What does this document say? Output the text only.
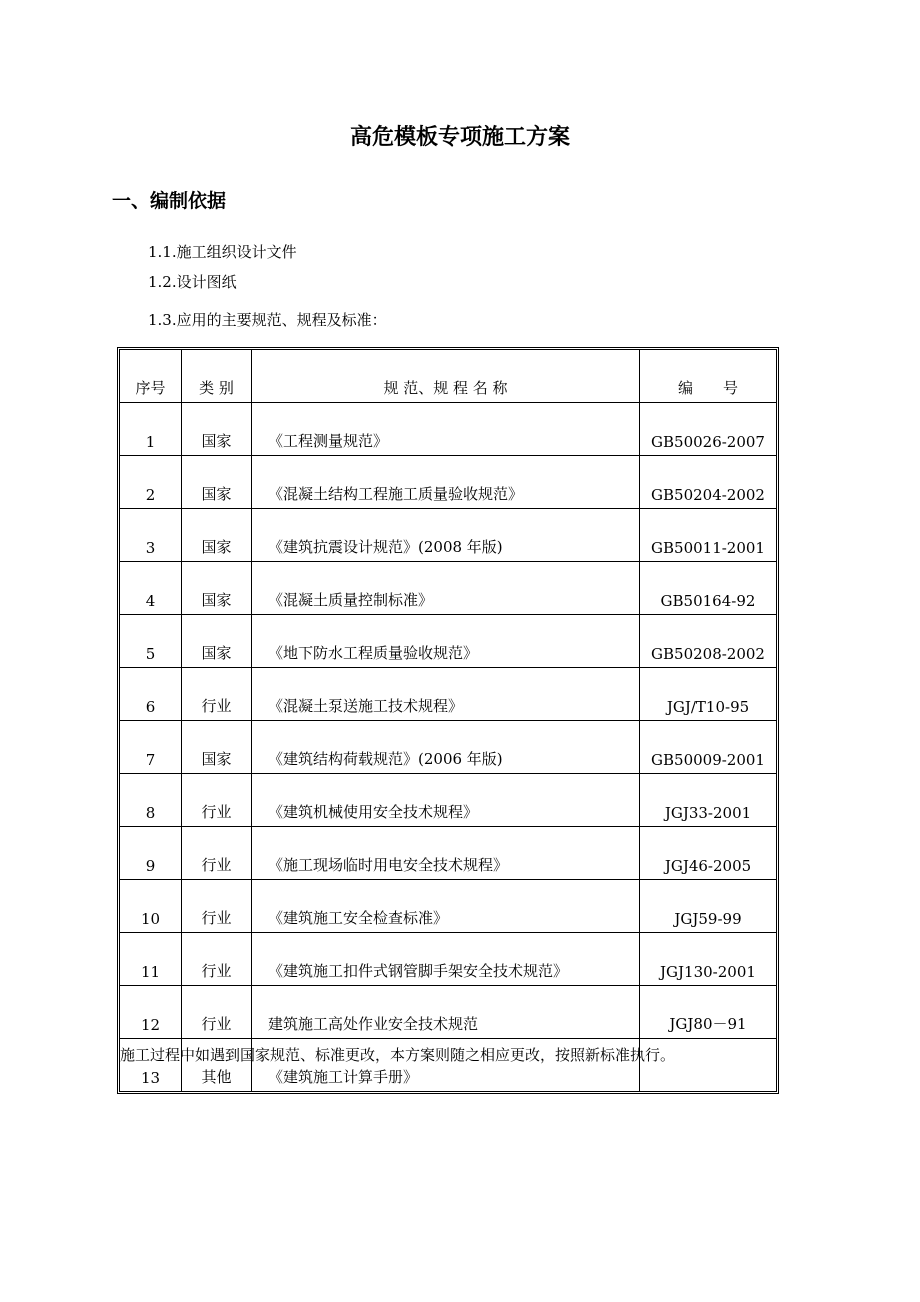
高危模板专项施工方案
一、编制依据
1.1.施工组织设计文件
1.2.设计图纸
1.3.应用的主要规范、规程及标准：
序号	类 别	规 范、规 程 名 称	编　　号
1	国家	《工程测量规范》	GB50026-2007
2	国家	《混凝土结构工程施工质量验收规范》	GB50204-2002
3	国家	《建筑抗震设计规范》(2008 年版)	GB50011-2001
4	国家	《混凝土质量控制标准》	GB50164-92
5	国家	《地下防水工程质量验收规范》	GB50208-2002
6	行业	《混凝土泵送施工技术规程》	JGJ/T10-95
7	国家	《建筑结构荷载规范》(2006 年版)	GB50009-2001
8	行业	《建筑机械使用安全技术规程》	JGJ33-2001
9	行业	《施工现场临时用电安全技术规程》	JGJ46-2005
10	行业	《建筑施工安全检查标准》	JGJ59-99
11	行业	《建筑施工扣件式钢管脚手架安全技术规范》	JGJ130-2001
12	行业	建筑施工高处作业安全技术规范	JGJ80－91
13	其他	《建筑施工计算手册》	
施工过程中如遇到国家规范、标准更改，本方案则随之相应更改，按照新标准执行。
